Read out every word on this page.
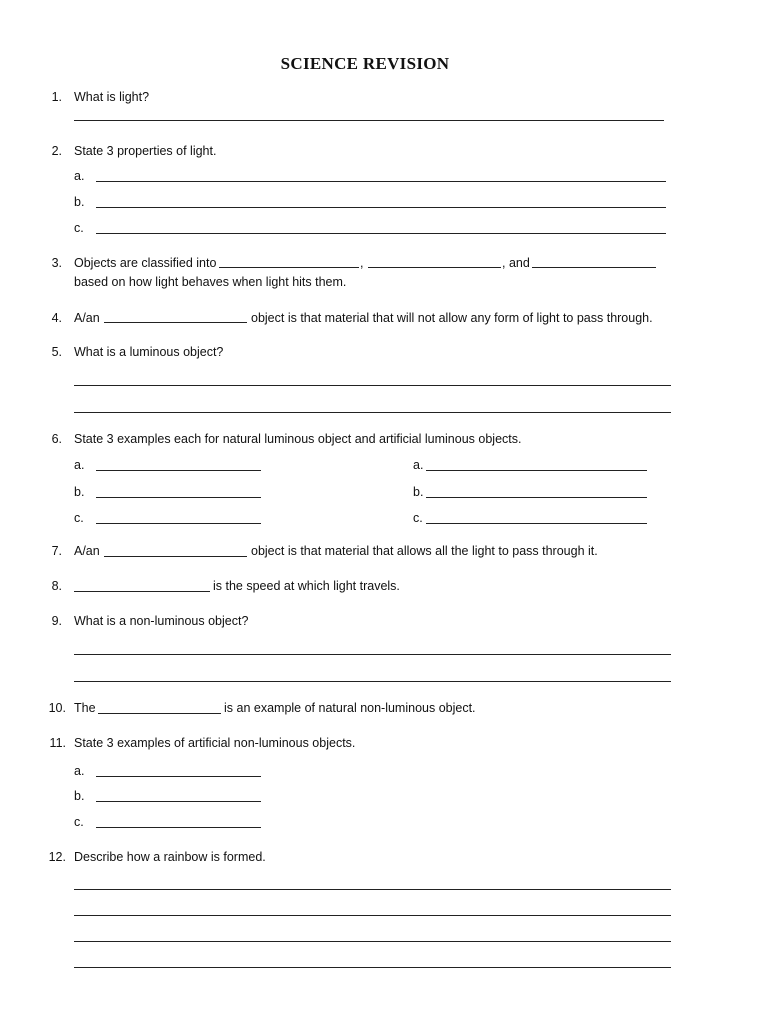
SCIENCE REVISION
1. What is light?
2. State 3 properties of light.
a.
b.
c.
3. Objects are classified into	,	, and
based on how light behaves when light hits them.
4. A/an	object is that material that will not allow any form of light to pass through.
5. What is a luminous object?
6. State 3 examples each for natural luminous object and artificial luminous objects.
a.
b.
c.
a.
b.
c.
7. A/an	object is that material that allows all the light to pass through it.
8.	is the speed at which light travels.
9. What is a non-luminous object?
10. The	is an example of natural non-luminous object.
11. State 3 examples of artificial non-luminous objects.
a.
b.
c.
12. Describe how a rainbow is formed.
